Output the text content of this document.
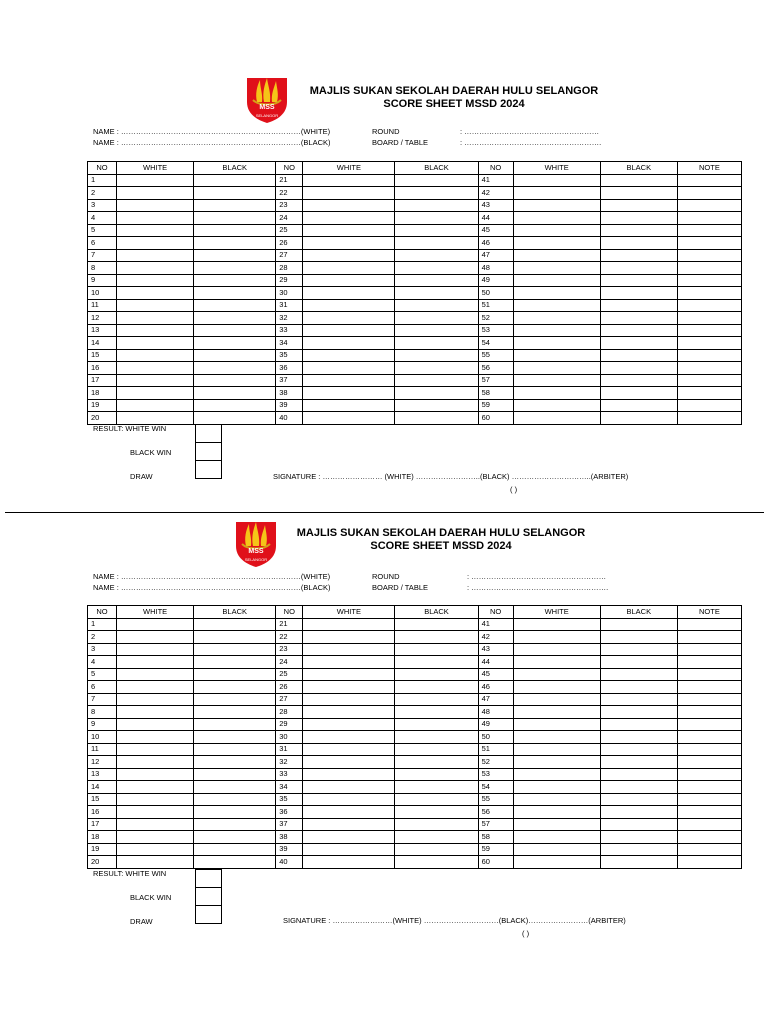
MSS
SELANGOR
MAJLIS SUKAN SEKOLAH DAERAH HULU SELANGOR
SCORE SHEET MSSD 2024
NAME : ………………………………………………………………(WHITE)	ROUND	: ………………………………………………
NAME : ………………………………………………………………(BLACK)	BOARD / TABLE	: ……………………………………………….
NO	WHITE	BLACK	NO	WHITE	BLACK	NO	WHITE	BLACK	NOTE
1			21			41			
2			22			42			
3			23			43			
4			24			44			
5			25			45			
6			26			46			
7			27			47			
8			28			48			
9			29			49			
10			30			50			
11			31			51			
12			32			52			
13			33			53			
14			34			54			
15			35			55			
16			36			56			
17			37			57			
18			38			58			
19			39			59			
20			40			60			
RESULT: WHITE WIN
BLACK WIN
DRAW	SIGNATURE : …………………… (WHITE) ……………………..(BLACK) …………………………..(ARBITER)
( )
MSS
SELANGOR
MAJLIS SUKAN SEKOLAH DAERAH HULU SELANGOR
SCORE SHEET MSSD 2024
NAME : ………………………………………………………………(WHITE)	ROUND	: ………………………………………………
NAME : ………………………………………………………………(BLACK)	BOARD / TABLE	: ……………………………………………….
NO	WHITE	BLACK	NO	WHITE	BLACK	NO	WHITE	BLACK	NOTE
1			21			41			
2			22			42			
3			23			43			
4			24			44			
5			25			45			
6			26			46			
7			27			47			
8			28			48			
9			29			49			
10			30			50			
11			31			51			
12			32			52			
13			33			53			
14			34			54			
15			35			55			
16			36			56			
17			37			57			
18			38			58			
19			39			59			
20			40			60			
RESULT: WHITE WIN
BLACK WIN
DRAW	SIGNATURE : ……………………(WHITE) …………………………(BLACK)……………………(ARBITER)
( )
